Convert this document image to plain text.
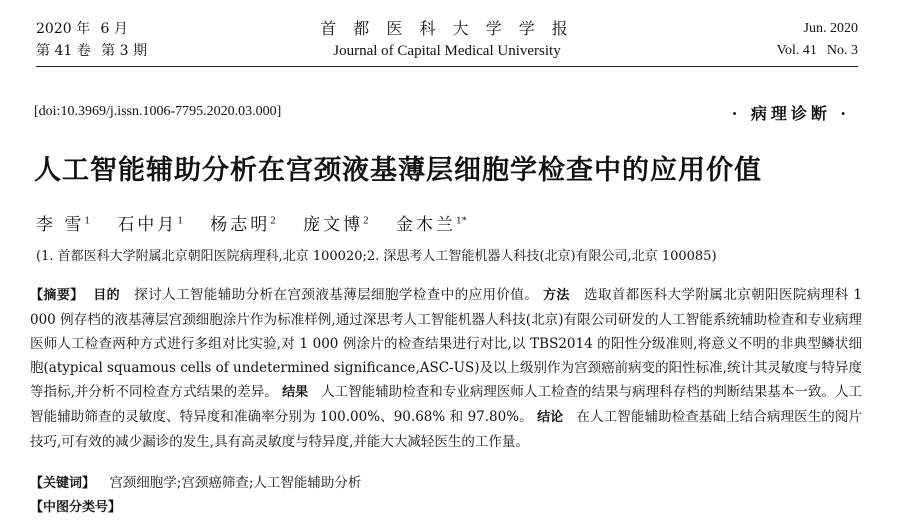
2020 年 6 月
第 41 卷 第 3 期
首 都 医 科 大 学 学 报
Journal of Capital Medical University
Jun. 2020
Vol. 41 No. 3
[doi:10.3969/j.issn.1006-7795.2020.03.000]	· 病理诊断 ·
人工智能辅助分析在宫颈液基薄层细胞学检查中的应用价值
李 雪$^1$ 石中月$^1$ 杨志明$^2$ 庞文博$^2$ 金木兰$^{1*}$
(1. 首都医科大学附属北京朝阳医院病理科,北京 100020;2. 深思考人工智能机器人科技(北京)有限公司,北京 100085)
【摘要】 目的 探讨人工智能辅助分析在宫颈液基薄层细胞学检查中的应用价值。 方法 选取首都医科大学附属北京朝阳医院病理科 1 000 例存档的液基薄层宫颈细胞涂片作为标准样例,通过深思考人工智能机器人科技(北京)有限公司研发的人工智能系统辅助检查和专业病理医师人工检查两种方式进行多组对比实验,对 1 000 例涂片的检查结果进行对比,以 TBS2014 的阳性分级准则,将意义不明的非典型鳞状细胞(atypical squamous cells of undetermined significance,ASC-US)及以上级别作为宫颈癌前病变的阳性标准,统计其灵敏度与特异度等指标,并分析不同检查方式结果的差异。 结果 人工智能辅助检查和专业病理医师人工检查的结果与病理科存档的判断结果基本一致。人工智能辅助筛查的灵敏度、特异度和准确率分别为 100.00%、90.68% 和 97.80%。 结论 在人工智能辅助检查基础上结合病理医生的阅片技巧,可有效的减少漏诊的发生,具有高灵敏度与特异度,并能大大减轻医生的工作量。
【关键词】 宫颈细胞学;宫颈癌筛查;人工智能辅助分析
【中图分类号】
